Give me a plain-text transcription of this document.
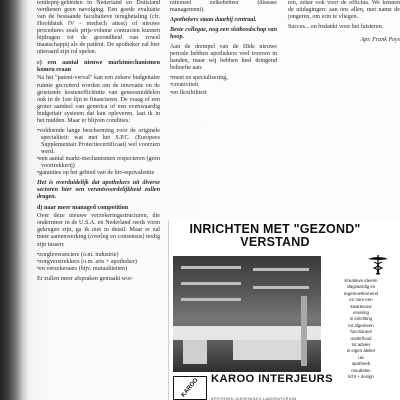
rentiepnj-gebieden in Nederland en Duitsland verdienen geen navolging. Een goede evaluatie van de bestaande facultatieve terugbetaling (cfr. Hoofdstuk IV - medisch attest) of nieuwe procedures zeals prijs-volume contracten kunnen bijdragen tot de gezondheid van zowel maatschappij als de patiënt. De apotheker zal hier uiteraard zijn rol spelen.

c) een aantal nieuwe marktmechanismen komen eraan

Na het "patent-verval" kan een zekere budgettaire ruimte gecreëerd worden om de innovatie en de groeiende kostenefficiëntie van geneesmiddelen ook in de 1ste lijn te financieren. De vraag of een groter aandeel van generica of een evenwaardig budgettair systeem dat kan opleveren, laat ik in het midden. Maar er blijven condities:

• voldoende lange bescherming voor de originele specialiteit: wat met het S.P.C. (Europees Supplementair Protectiecertificaat) wel voorzien werd.
• een aantal markt-mechanismen respecteren (geen voortrekkerij)
• garanties op het gebied van de bio-equivalentie

Het is overduidelijk dat apothekers uit diverse sectoren hier een verantwoordelijkheid zullen dragen.

d) naar meer managed competition

Over deze nieuwe verzekeringsstructuren, die ondermeer in de U.S.A. en Nederland reeds vorm gekregen zijn, ga ik niet in detail. Maar er zal meer samenwerking (overleg en consensus) nodig zijn tussen:

• zorgleveranciers (o.m. industrie)
• zorgverstrekkers (o.m. arts + apotheker)
• en verzekeraars (bijv. mutualiteiten)

Er zullen meer afspraken gemaakt wor-

rationeel zelkebeheer (disease management).

Apothekers staan daarbij centraal.

Beste collegae, nog een slotboodschap van hoop.

Aan de drempel van de IIIde nieuwe periode hebben apothekers veel troeven in handen, maar wij hebben heel dringend behoefte aan:

• meet en specialisering,
• creativiteit
• en flexibiliteit

ren, zeker ook voor de officina. We kennen de uitdagingen: aan ons allen, met name de jongeren, om erin te vliegen.

Succes... en bedankt voor het luisteren.

Apr. Frank Peys

INRICHTEN MET "GEZOND" VERSTAND

Kreatieve ideeën

slagvaardig en

tegemoetkomend

en ruim een

kwarteeuw

ervaring

in inrichting

tot algemeen

functioneel

onderhoud

tot advies

in eigen atelier

uw

apotheek

meubelen

licht + design

KAROO	KAROO INTERJEURS
APOTHEEK-ZIEKENHUIS-LABORATORIUM
